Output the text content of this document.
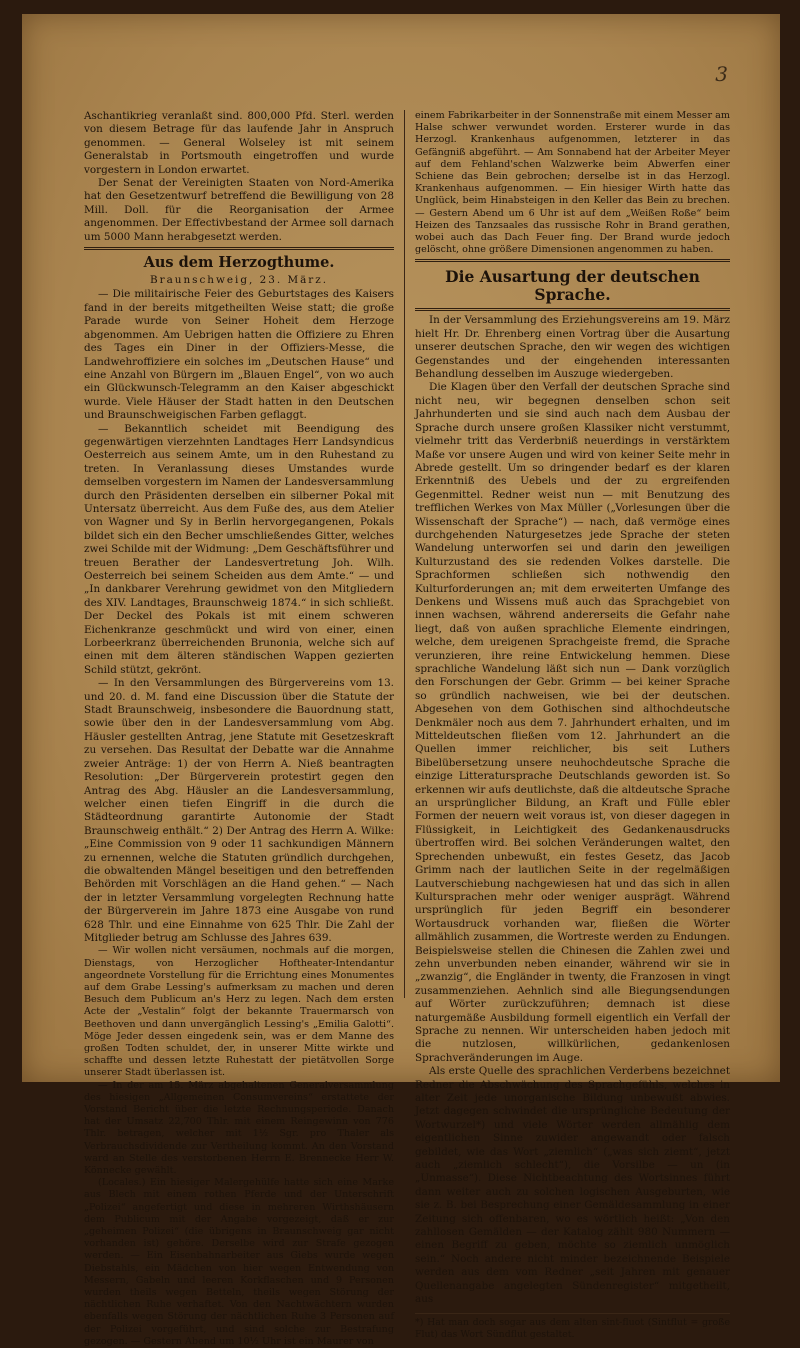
3

Aschantikrieg veranlaßt sind. 800,000 Pfd. Sterl. werden von diesem Betrage für das laufende Jahr in Anspruch genommen. — General Wolseley ist mit seinem Generalstab in Portsmouth eingetroffen und wurde vorgestern in London erwartet.

Der Senat der Vereinigten Staaten von Nord-Amerika hat den Gesetzentwurf betreffend die Bewilligung von 28 Mill. Doll. für die Reorganisation der Armee angenommen. Der Effectivbestand der Armee soll darnach um 5000 Mann herabgesetzt werden.

Aus dem Herzogthume.
Braunschweig, 23. März.

— Die militairische Feier des Geburtstages des Kaisers fand in der bereits mitgetheilten Weise statt; die große Parade wurde von Seiner Hoheit dem Herzoge abgenommen. Am Uebrigen hatten die Offiziere zu Ehren des Tages ein Diner in der Offiziers-Messe, die Landwehroffiziere ein solches im „Deutschen Hause“ und eine Anzahl von Bürgern im „Blauen Engel“, von wo auch ein Glückwunsch-Telegramm an den Kaiser abgeschickt wurde. Viele Häuser der Stadt hatten in den Deutschen und Braunschweigischen Farben geflaggt.

— Bekanntlich scheidet mit Beendigung des gegenwärtigen vierzehnten Landtages Herr Landsyndicus Oesterreich aus seinem Amte, um in den Ruhestand zu treten. In Veranlassung dieses Umstandes wurde demselben vorgestern im Namen der Landesversammlung durch den Präsidenten derselben ein silberner Pokal mit Untersatz überreicht. Aus dem Fuße des, aus dem Atelier von Wagner und Sy in Berlin hervorgegangenen, Pokals bildet sich ein den Becher umschließendes Gitter, welches zwei Schilde mit der Widmung: „Dem Geschäftsführer und treuen Berather der Landesvertretung Joh. Wilh. Oesterreich bei seinem Scheiden aus dem Amte.“ — und „In dankbarer Verehrung gewidmet von den Mitgliedern des XIV. Landtages, Braunschweig 1874.“ in sich schließt. Der Deckel des Pokals ist mit einem schweren Eichenkranze geschmückt und wird von einer, einen Lorbeerkranz überreichenden Brunonia, welche sich auf einen mit dem älteren ständischen Wappen gezierten Schild stützt, gekrönt.

— In den Versammlungen des Bürgervereins vom 13. und 20. d. M. fand eine Discussion über die Statute der Stadt Braunschweig, insbesondere die Bauordnung statt, sowie über den in der Landesversammlung vom Abg. Häusler gestellten Antrag, jene Statute mit Gesetzeskraft zu versehen. Das Resultat der Debatte war die Annahme zweier Anträge: 1) der von Herrn A. Nieß beantragten Resolution: „Der Bürgerverein protestirt gegen den Antrag des Abg. Häusler an die Landesversammlung, welcher einen tiefen Eingriff in die durch die Städteordnung garantirte Autonomie der Stadt Braunschweig enthält.“ 2) Der Antrag des Herrn A. Wilke: „Eine Commission von 9 oder 11 sachkundigen Männern zu ernennen, welche die Statuten gründlich durchgehen, die obwaltenden Mängel beseitigen und den betreffenden Behörden mit Vorschlägen an die Hand gehen.“ — Nach der in letzter Versammlung vorgelegten Rechnung hatte der Bürgerverein im Jahre 1873 eine Ausgabe von rund 628 Thlr. und eine Einnahme von 625 Thlr. Die Zahl der Mitglieder betrug am Schlusse des Jahres 639.

— Wir wollen nicht versäumen, nochmals auf die morgen, Dienstags, von Herzoglicher Hoftheater-Intendantur angeordnete Vorstellung für die Errichtung eines Monumentes auf dem Grabe Lessing's aufmerksam zu machen und deren Besuch dem Publicum an's Herz zu legen. Nach dem ersten Acte der „Vestalin“ folgt der bekannte Trauermarsch von Beethoven und dann unvergänglich Lessing's „Emilia Galotti“. Möge Jeder dessen eingedenk sein, was er dem Manne des großen Todten schuldet, der, in unserer Mitte wirkte und schaffte und dessen letzte Ruhestatt der pietätvollen Sorge unserer Stadt überlassen ist.

— In der am 15. März abgehaltenen Generalversammlung des hiesigen „Allgemeinen Consumvereins“ erstattete der Vorstand Bericht über die letzte Rechnungsperiode. Danach hat der Umsatz 22,700 Thlr. mit einem Reingewinn von 776 Thlr. betragen, welcher mit 1½ Sgr. pro Thaler als Verbrauchsdividende zur Vertheilung kommt. An den Vorstand ward an Stelle des verstorbenen Herrn E. Brennecke Herr W. Könnecke gewählt.

(Locales.) Ein hiesiger Malergehülfe hatte sich eine Marke aus Blech mit einem rothen Pferde und der Unterschrift „Polizei“ angefertigt und diese in mehreren Wirthshäusern dem Publicum mit der Angabe vorgezeigt, daß er zur „geheimen Polizei“ (die übrigens in Braunschweig gar nicht vorhanden ist) gehöre. Derselbe wird zur Strafe gezogen werden. — Ein Eisenbahnarbeiter aus Giebs wurde wegen Diebstahls, ein Mädchen von hier wegen Entwendung von Messern, Gabeln und leeren Korkflaschen und 9 Personen wurden theils wegen Betteln, theils wegen Störung der nächtlichen Ruhe verhaftet. Von den Nachtwächtern wurden ebenfalls wegen Störung der nächtlichen Ruhe 3 Personen auf der Polizei vorgeführt, und sind solche zur Bestrafung gezogen. — Gestern Abend um 10½ Uhr ist ein Maurer von

einem Fabrikarbeiter in der Sonnenstraße mit einem Messer am Halse schwer verwundet worden. Ersterer wurde in das Herzogl. Krankenhaus aufgenommen, letzterer in das Gefängniß abgeführt. — Am Sonnabend hat der Arbeiter Meyer auf dem Fehland'schen Walzwerke beim Abwerfen einer Schiene das Bein gebrochen; derselbe ist in das Herzogl. Krankenhaus aufgenommen. — Ein hiesiger Wirth hatte das Unglück, beim Hinabsteigen in den Keller das Bein zu brechen. — Gestern Abend um 6 Uhr ist auf dem „Weißen Roße“ beim Heizen des Tanzsaales das russische Rohr in Brand gerathen, wobei auch das Dach Feuer fing. Der Brand wurde jedoch gelöscht, ohne größere Dimensionen angenommen zu haben.

Die Ausartung der deutschen Sprache.

In der Versammlung des Erziehungsvereins am 19. März hielt Hr. Dr. Ehrenberg einen Vortrag über die Ausartung unserer deutschen Sprache, den wir wegen des wichtigen Gegenstandes und der eingehenden interessanten Behandlung desselben im Auszuge wiedergeben.

Die Klagen über den Verfall der deutschen Sprache sind nicht neu, wir begegnen denselben schon seit Jahrhunderten und sie sind auch nach dem Ausbau der Sprache durch unsere großen Klassiker nicht verstummt, vielmehr tritt das Verderbniß neuerdings in verstärktem Maße vor unsere Augen und wird von keiner Seite mehr in Abrede gestellt. Um so dringender bedarf es der klaren Erkenntniß des Uebels und der zu ergreifenden Gegenmittel. Redner weist nun — mit Benutzung des trefflichen Werkes von Max Müller („Vorlesungen über die Wissenschaft der Sprache“) — nach, daß vermöge eines durchgehenden Naturgesetzes jede Sprache der steten Wandelung unterworfen sei und darin den jeweiligen Kulturzustand des sie redenden Volkes darstelle. Die Sprachformen schließen sich nothwendig den Kulturforderungen an; mit dem erweiterten Umfange des Denkens und Wissens muß auch das Sprachgebiet von innen wachsen, während andererseits die Gefahr nahe liegt, daß von außen sprachliche Elemente eindringen, welche, dem ureigenen Sprachgeiste fremd, die Sprache verunzieren, ihre reine Entwickelung hemmen. Diese sprachliche Wandelung läßt sich nun — Dank vorzüglich den Forschungen der Gebr. Grimm — bei keiner Sprache so gründlich nachweisen, wie bei der deutschen. Abgesehen von dem Gothischen sind althochdeutsche Denkmäler noch aus dem 7. Jahrhundert erhalten, und im Mitteldeutschen fließen vom 12. Jahrhundert an die Quellen immer reichlicher, bis seit Luthers Bibelübersetzung unsere neuhochdeutsche Sprache die einzige Litteratursprache Deutschlands geworden ist. So erkennen wir aufs deutlichste, daß die altdeutsche Sprache an ursprünglicher Bildung, an Kraft und Fülle ebler Formen der neuern weit voraus ist, von dieser dagegen in Flüssigkeit, in Leichtigkeit des Gedankenausdrucks übertroffen wird. Bei solchen Veränderungen waltet, den Sprechenden unbewußt, ein festes Gesetz, das Jacob Grimm nach der lautlichen Seite in der regelmäßigen Lautverschiebung nachgewiesen hat und das sich in allen Kultursprachen mehr oder weniger ausprägt. Während ursprünglich für jeden Begriff ein besonderer Wortausdruck vorhanden war, fließen die Wörter allmählich zusammen, die Wortreste werden zu Endungen. Beispielsweise stellen die Chinesen die Zahlen zwei und zehn unverbunden neben einander, während wir sie in „zwanzig“, die Engländer in twenty, die Franzosen in vingt zusammenziehen. Aehnlich sind alle Biegungsendungen auf Wörter zurückzuführen; demnach ist diese naturgemäße Ausbildung formell eigentlich ein Verfall der Sprache zu nennen. Wir unterscheiden haben jedoch mit die nutzlosen, willkürlichen, gedankenlosen Sprachveränderungen im Auge.

Als erste Quelle des sprachlichen Verderbens bezeichnet Redner die Abschwächung des Sprachgefühls, welches in alter Zeit jede unorganische Bildung unbewußt abwies. Jetzt dagegen schwindet die ursprüngliche Bedeutung der Wortwurzel*) und viele Wörter werden allmählig dem eigentlichen Sinne zuwider angewandt oder falsch gebildet, wie das Wort „ziemlich“ („was sich ziemt“, jetzt auch „ziemlich schlecht“), die Vorsilbe — un (in „Unmasse“). Diese Nichtbeachtung des Wortsinnes führt dann weiter auch zu solchen logischen Ausgeburten, wie sie z. B. bei Besprechung einer Gemäldesammlung in einer Zeitung sich offenbaren, wo es wörtlich heißt: „Von den zahllosen Gemälden — der Katalog zählt 980 Nummern — einen Begriff zu geben, möchte so ziemlich unmöglich sein.“ Noch andere nicht minder bezeichnende Beispiele werden aus dem vom Redner „seit Jahren mit genauer Quellenangabe angelegten Sündenregister“ mitgetheilt, aus

*) Hat man doch sogar aus dem alten sint-fluot (Sintflut = große Flut) das Wort Sündflut gestaltet.
